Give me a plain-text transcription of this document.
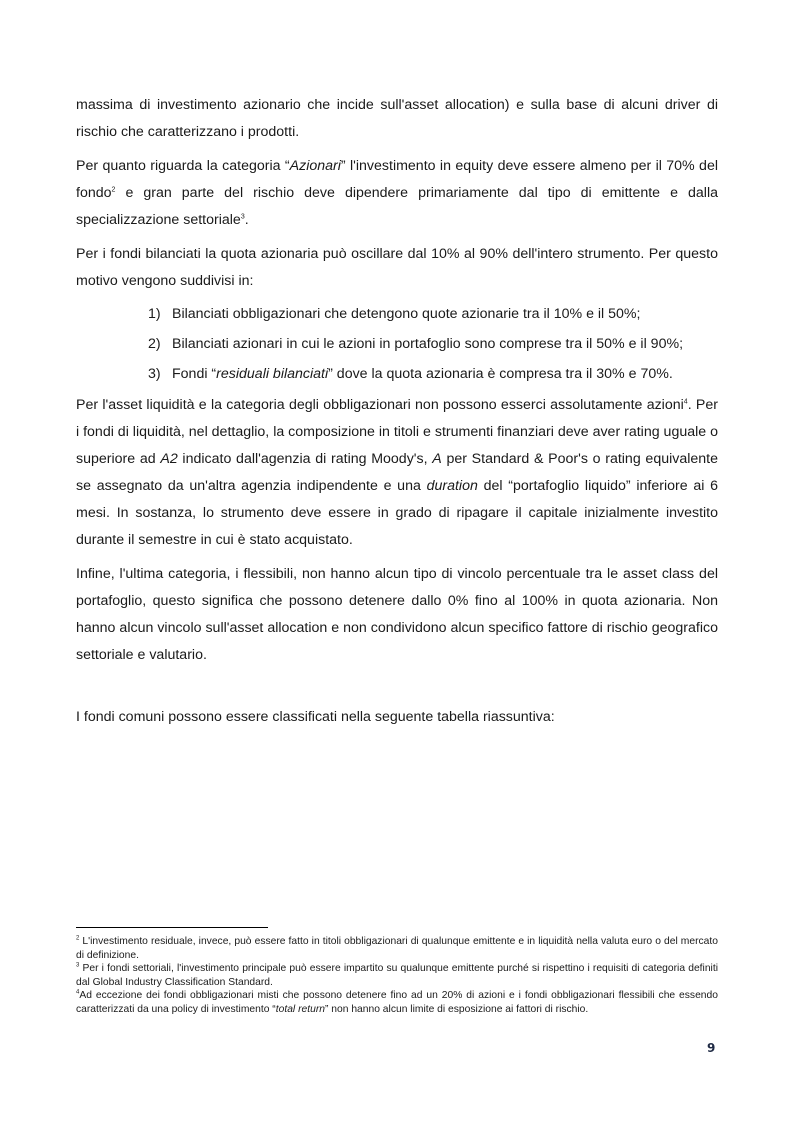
massima di investimento azionario che incide sull'asset allocation) e sulla base di alcuni driver di rischio che caratterizzano i prodotti.

Per quanto riguarda la categoria “Azionari” l'investimento in equity deve essere almeno per il 70% del fondo$^2$ e gran parte del rischio deve dipendere primariamente dal tipo di emittente e dalla specializzazione settoriale$^3$.

Per i fondi bilanciati la quota azionaria può oscillare dal 10% al 90% dell'intero strumento. Per questo motivo vengono suddivisi in:

1) Bilanciati obbligazionari che detengono quote azionarie tra il 10% e il 50%;
2) Bilanciati azionari in cui le azioni in portafoglio sono comprese tra il 50% e il 90%;
3) Fondi “residuali bilanciati” dove la quota azionaria è compresa tra il 30% e 70%.

Per l'asset liquidità e la categoria degli obbligazionari non possono esserci assolutamente azioni$^4$. Per i fondi di liquidità, nel dettaglio, la composizione in titoli e strumenti finanziari deve aver rating uguale o superiore ad A2 indicato dall'agenzia di rating Moody's, A per Standard & Poor's o rating equivalente se assegnato da un'altra agenzia indipendente e una duration del “portafoglio liquido” inferiore ai 6 mesi. In sostanza, lo strumento deve essere in grado di ripagare il capitale inizialmente investito durante il semestre in cui è stato acquistato.

Infine, l'ultima categoria, i flessibili, non hanno alcun tipo di vincolo percentuale tra le asset class del portafoglio, questo significa che possono detenere dallo 0% fino al 100% in quota azionaria. Non hanno alcun vincolo sull'asset allocation e non condividono alcun specifico fattore di rischio geografico settoriale e valutario.

I fondi comuni possono essere classificati nella seguente tabella riassuntiva:

$^2$ L'investimento residuale, invece, può essere fatto in titoli obbligazionari di qualunque emittente e in liquidità nella valuta euro o del mercato di definizione.

$^3$ Per i fondi settoriali, l'investimento principale può essere impartito su qualunque emittente purché si rispettino i requisiti di categoria definiti dal Global Industry Classification Standard.

$^4$Ad eccezione dei fondi obbligazionari misti che possono detenere fino ad un 20% di azioni e i fondi obbligazionari flessibili che essendo caratterizzati da una policy di investimento “total return” non hanno alcun limite di esposizione ai fattori di rischio.

9
